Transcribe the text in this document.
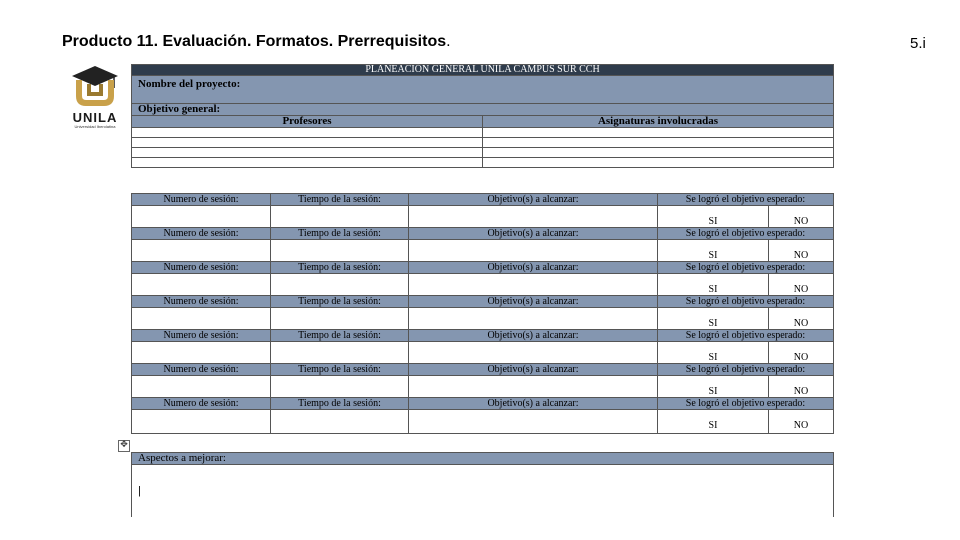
Producto 11. Evaluación. Formatos. Prerrequisitos.	5.i
UNILA
Universidad Iberolatina
PLANEACIÓN GENERAL UNILA CAMPUS SUR CCH	
Nombre del proyecto:	
Objetivo general:	
Profesores	Asignaturas involucradas

Numero de sesión:	Tiempo de la sesión:	Objetivo(s) a alcanzar:	Se logró el objetivo esperado:	
			SI	NO
Numero de sesión:	Tiempo de la sesión:	Objetivo(s) a alcanzar:	Se logró el objetivo esperado:	
			SI	NO
Numero de sesión:	Tiempo de la sesión:	Objetivo(s) a alcanzar:	Se logró el objetivo esperado:	
			SI	NO
Numero de sesión:	Tiempo de la sesión:	Objetivo(s) a alcanzar:	Se logró el objetivo esperado:	
			SI	NO
Numero de sesión:	Tiempo de la sesión:	Objetivo(s) a alcanzar:	Se logró el objetivo esperado:	
			SI	NO
Numero de sesión:	Tiempo de la sesión:	Objetivo(s) a alcanzar:	Se logró el objetivo esperado:	
			SI	NO
Numero de sesión:	Tiempo de la sesión:	Objetivo(s) a alcanzar:	Se logró el objetivo esperado:	
			SI	NO
✥
Aspectos a mejorar:
|
